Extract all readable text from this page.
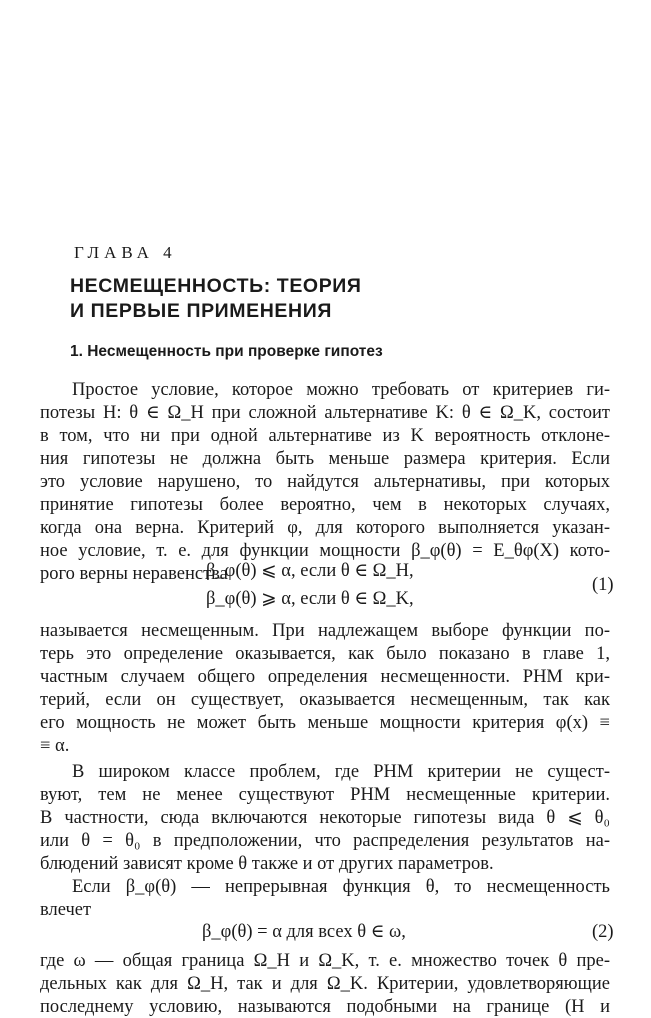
ГЛАВА 4
НЕСМЕЩЕННОСТЬ: ТЕОРИЯ
И ПЕРВЫЕ ПРИМЕНЕНИЯ
1. Несмещенность при проверке гипотез
Простое условие, которое можно требовать от критериев ги-
потезы H: θ ∈ Ω_H при сложной альтернативе K: θ ∈ Ω_K, состоит
в том, что ни при одной альтернативе из K вероятность отклоне-
ния гипотезы не должна быть меньше размера критерия. Если
это условие нарушено, то найдутся альтернативы, при которых
принятие гипотезы более вероятно, чем в некоторых случаях,
когда она верна. Критерий φ, для которого выполняется указан-
ное условие, т. е. для функции мощности β_φ(θ) = E_θφ(X) кото-
рого верны неравенства
β_φ(θ) ⩽ α, если θ ∈ Ω_H,
β_φ(θ) ⩾ α, если θ ∈ Ω_K,
(1)
называется несмещенным. При надлежащем выборе функции по-
терь это определение оказывается, как было показано в главе 1,
частным случаем общего определения несмещенности. РНМ кри-
терий, если он существует, оказывается несмещенным, так как
его мощность не может быть меньше мощности критерия φ(x) ≡
≡ α.
В широком классе проблем, где РНМ критерии не сущест-
вуют, тем не менее существуют РНМ несмещенные критерии.
В частности, сюда включаются некоторые гипотезы вида θ ⩽ θ₀
или θ = θ₀ в предположении, что распределения результатов на-
блюдений зависят кроме θ также и от других параметров.
Если β_φ(θ) — непрерывная функция θ, то несмещенность
влечет
β_φ(θ) = α для всех θ ∈ ω,	(2)
где ω — общая граница Ω_H и Ω_K, т. е. множество точек θ пре-
дельных как для Ω_H, так и для Ω_K. Критерии, удовлетворяющие
последнему условию, называются подобными на границе (H и
